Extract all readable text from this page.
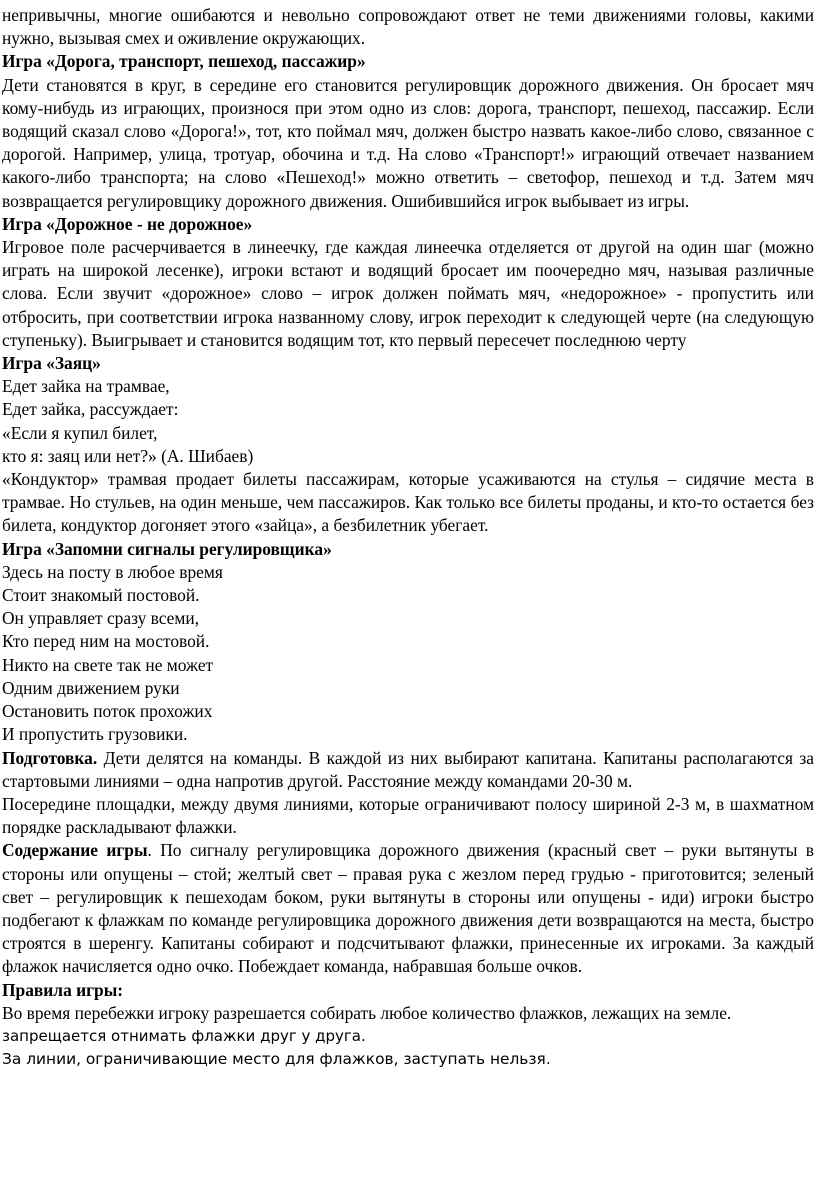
непривычны, многие ошибаются и невольно сопровождают ответ не теми движениями головы, какими нужно, вызывая смех и оживление окружающих.

Игра «Дорога, транспорт, пешеход, пассажир»

Дети становятся в круг, в середине его становится регулировщик дорожного движения. Он бросает мяч кому-нибудь из играющих, произнося при этом одно из слов: дорога, транспорт, пешеход, пассажир. Если водящий сказал слово «Дорога!», тот, кто поймал мяч, должен быстро назвать какое-либо слово, связанное с дорогой. Например, улица, тротуар, обочина и т.д. На слово «Транспорт!» играющий отвечает названием какого-либо транспорта; на слово «Пешеход!» можно ответить – светофор, пешеход и т.д. Затем мяч возвращается регулировщику дорожного движения. Ошибившийся игрок выбывает из игры.

Игра «Дорожное - не дорожное»

Игровое поле расчерчивается в линеечку, где каждая линеечка отделяется от другой на один шаг (можно играть на широкой лесенке), игроки встают и водящий бросает им поочередно мяч, называя различные слова. Если звучит «дорожное» слово – игрок должен поймать мяч, «недорожное» - пропустить или отбросить, при соответствии игрока названному слову, игрок переходит к следующей черте (на следующую ступеньку). Выигрывает и становится водящим тот, кто первый пересечет последнюю черту

Игра «Заяц»

Едет зайка на трамвае,

Едет зайка, рассуждает:

«Если я купил билет,

кто я: заяц или нет?» (А. Шибаев)

«Кондуктор» трамвая продает билеты пассажирам, которые усаживаются на стулья – сидячие места в трамвае. Но стульев, на один меньше, чем пассажиров. Как только все билеты проданы, и кто-то остается без билета, кондуктор догоняет этого «зайца», а безбилетник убегает.

Игра «Запомни сигналы регулировщика»

Здесь на посту в любое время

Стоит знакомый постовой.

Он управляет сразу всеми,

Кто перед ним на мостовой.

Никто на свете так не может

Одним движением руки

Остановить поток прохожих

И пропустить грузовики.

Подготовка. Дети делятся на команды. В каждой из них выбирают капитана. Капитаны располагаются за стартовыми линиями – одна напротив другой. Расстояние между командами 20-30 м.

Посередине площадки, между двумя линиями, которые ограничивают полосу шириной 2-3 м, в шахматном порядке раскладывают флажки.

Содержание игры. По сигналу регулировщика дорожного движения (красный свет – руки вытянуты в стороны или опущены – стой; желтый свет – правая рука с жезлом перед грудью - приготовится; зеленый свет – регулировщик к пешеходам боком, руки вытянуты в стороны или опущены - иди) игроки быстро подбегают к флажкам по команде регулировщика дорожного движения дети возвращаются на места, быстро строятся в шеренгу. Капитаны собирают и подсчитывают флажки, принесенные их игроками. За каждый флажок начисляется одно очко. Побеждает команда, набравшая больше очков.

Правила игры:

Во время перебежки игроку разрешается собирать любое количество флажков, лежащих на земле.

запрещается отнимать флажки друг у друга.

За линии, ограничивающие место для флажков, заступать нельзя.
